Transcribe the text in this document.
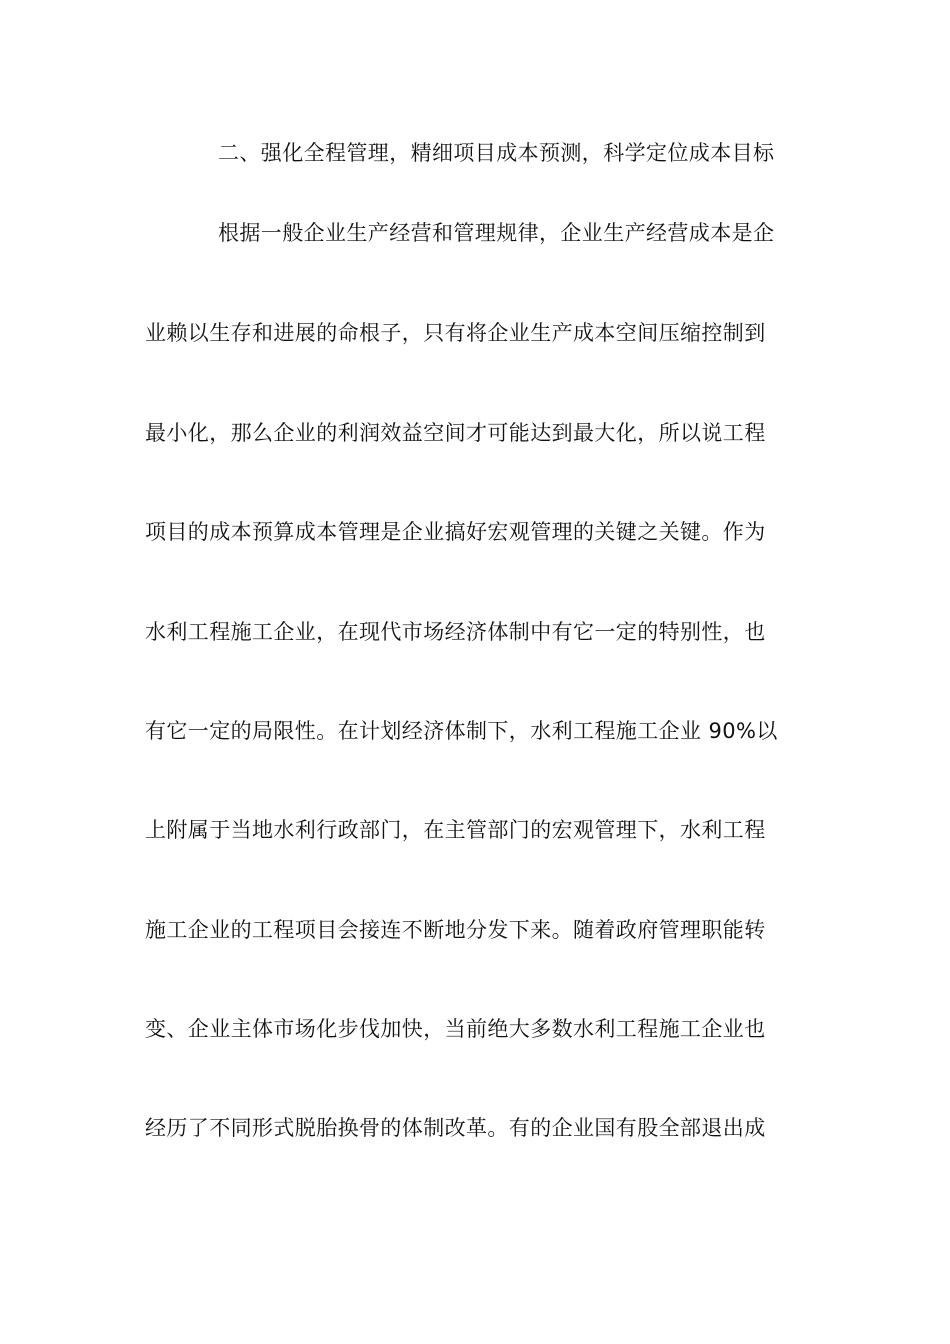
二、强化全程管理，精细项目成本预测，科学定位成本目标
根据一般企业生产经营和管理规律，企业生产经营成本是企
业赖以生存和进展的命根子，只有将企业生产成本空间压缩控制到
最小化，那么企业的利润效益空间才可能达到最大化，所以说工程
项目的成本预算成本管理是企业搞好宏观管理的关键之关键。作为
水利工程施工企业，在现代市场经济体制中有它一定的特别性，也
有它一定的局限性。在计划经济体制下，水利工程施工企业 90%以
上附属于当地水利行政部门，在主管部门的宏观管理下，水利工程
施工企业的工程项目会接连不断地分发下来。随着政府管理职能转
变、企业主体市场化步伐加快，当前绝大多数水利工程施工企业也
经历了不同形式脱胎换骨的体制改革。有的企业国有股全部退出成
